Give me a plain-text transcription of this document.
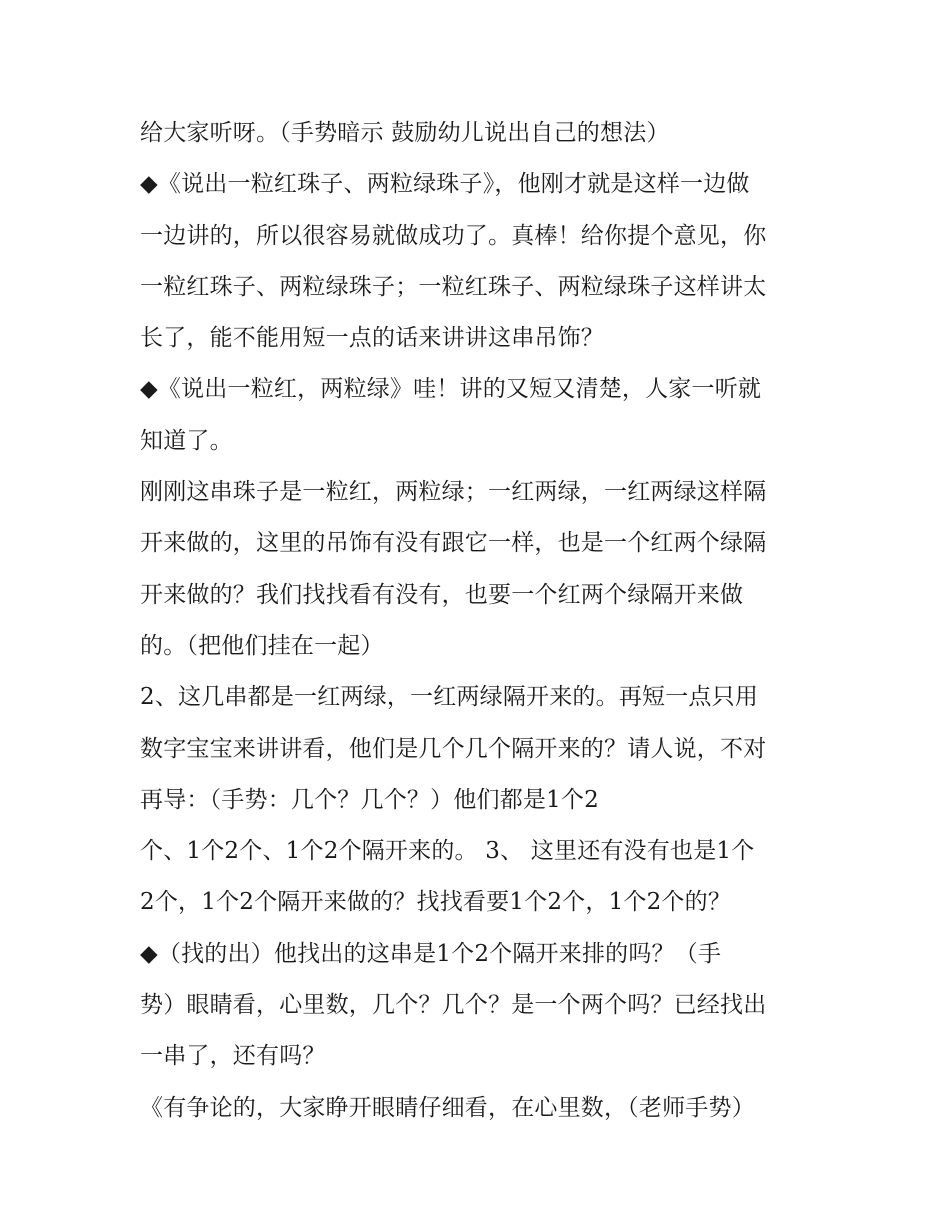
给大家听呀。（手势暗示 鼓励幼儿说出自己的想法）
◆《说出一粒红珠子、两粒绿珠子》，他刚才就是这样一边做
一边讲的，所以很容易就做成功了。真棒！给你提个意见，你
一粒红珠子、两粒绿珠子；一粒红珠子、两粒绿珠子这样讲太
长了，能不能用短一点的话来讲讲这串吊饰？
◆《说出一粒红，两粒绿》哇！讲的又短又清楚，人家一听就
知道了。
刚刚这串珠子是一粒红，两粒绿；一红两绿，一红两绿这样隔
开来做的，这里的吊饰有没有跟它一样，也是一个红两个绿隔
开来做的？我们找找看有没有，也要一个红两个绿隔开来做
的。（把他们挂在一起）
2、这几串都是一红两绿，一红两绿隔开来的。再短一点只用
数字宝宝来讲讲看，他们是几个几个隔开来的？请人说，不对
再导：（手势：几个？几个？）他们都是1个2
个、1个2个、1个2个隔开来的。 3、 这里还有没有也是1个
2个，1个2个隔开来做的？找找看要1个2个，1个2个的？
◆（找的出）他找出的这串是1个2个隔开来排的吗？（手
势）眼睛看，心里数，几个？几个？是一个两个吗？已经找出
一串了，还有吗？
《有争论的，大家睁开眼睛仔细看，在心里数，（老师手势）
